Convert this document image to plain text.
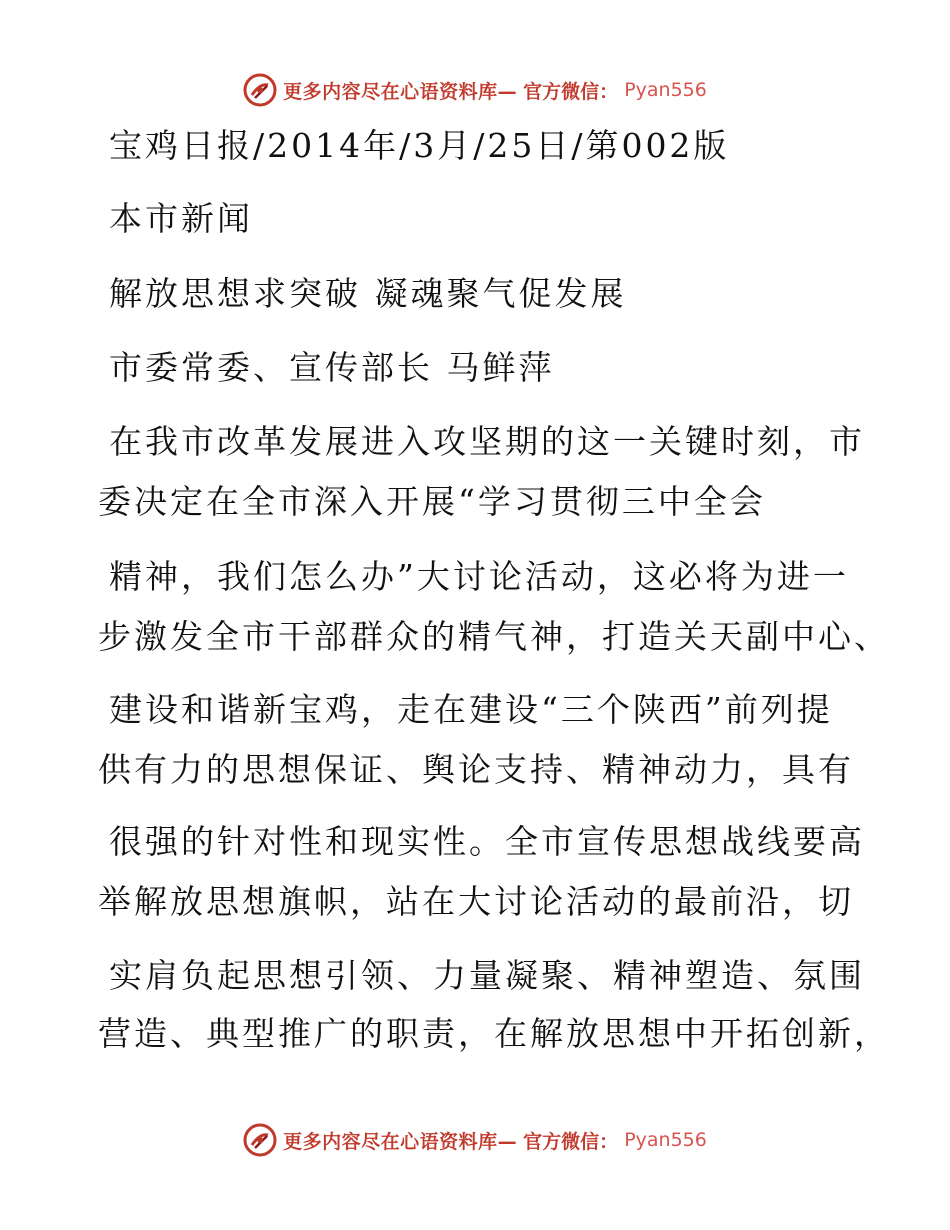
更多内容尽在心语资料库— 官方微信： Pyan556
宝鸡日报/2014年/3月/25日/第002版
本市新闻
解放思想求突破 凝魂聚气促发展
市委常委、宣传部长 马鲜萍
在我市改革发展进入攻坚期的这一关键时刻，市
委决定在全市深入开展“学习贯彻三中全会
精神，我们怎么办”大讨论活动，这必将为进一
步激发全市干部群众的精气神，打造关天副中心、
建设和谐新宝鸡，走在建设“三个陕西”前列提
供有力的思想保证、舆论支持、精神动力，具有
很强的针对性和现实性。全市宣传思想战线要高
举解放思想旗帜，站在大讨论活动的最前沿，切
实肩负起思想引领、力量凝聚、精神塑造、氛围
营造、典型推广的职责，在解放思想中开拓创新，
更多内容尽在心语资料库— 官方微信： Pyan556
